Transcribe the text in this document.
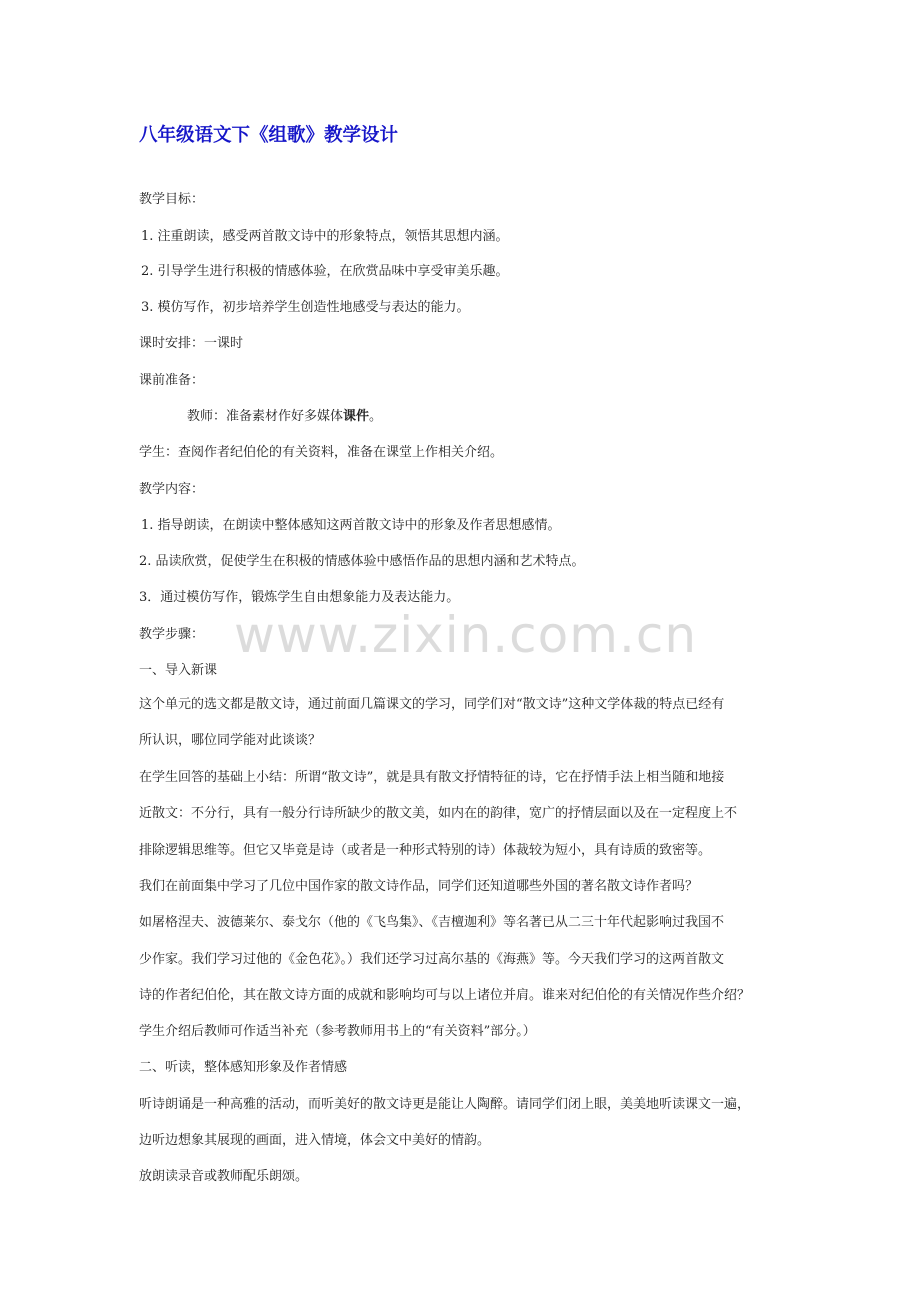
八年级语文下《组歌》教学设计

教学目标：

1. 注重朗读，感受两首散文诗中的形象特点，领悟其思想内涵。

2. 引导学生进行积极的情感体验，在欣赏品味中享受审美乐趣。

3. 模仿写作，初步培养学生创造性地感受与表达的能力。

课时安排：一课时

课前准备：

教师：准备素材作好多媒体课件。

学生：查阅作者纪伯伦的有关资料，准备在课堂上作相关介绍。

教学内容：

1. 指导朗读，在朗读中整体感知这两首散文诗中的形象及作者思想感情。

2. 品读欣赏，促使学生在积极的情感体验中感悟作品的思想内涵和艺术特点。

3．通过模仿写作，锻炼学生自由想象能力及表达能力。

教学步骤： www.zixin.com.cn

一、导入新课

这个单元的选文都是散文诗，通过前面几篇课文的学习，同学们对“散文诗”这种文学体裁的特点已经有

所认识，哪位同学能对此谈谈？

在学生回答的基础上小结：所谓“散文诗”，就是具有散文抒情特征的诗，它在抒情手法上相当随和地接

近散文：不分行，具有一般分行诗所缺少的散文美，如内在的韵律，宽广的抒情层面以及在一定程度上不

排除逻辑思维等。但它又毕竟是诗（或者是一种形式特别的诗）体裁较为短小，具有诗质的致密等。

我们在前面集中学习了几位中国作家的散文诗作品，同学们还知道哪些外国的著名散文诗作者吗？

如屠格涅夫、波德莱尔、泰戈尔（他的《飞鸟集》、《吉檀迦利》等名著已从二三十年代起影响过我国不

少作家。我们学习过他的《金色花》。）我们还学习过高尔基的《海燕》等。今天我们学习的这两首散文

诗的作者纪伯伦，其在散文诗方面的成就和影响均可与以上诸位并肩。谁来对纪伯伦的有关情况作些介绍？

学生介绍后教师可作适当补充（参考教师用书上的“有关资料”部分。）

二、听读，整体感知形象及作者情感

听诗朗诵是一种高雅的活动，而听美好的散文诗更是能让人陶醉。请同学们闭上眼，美美地听读课文一遍，

边听边想象其展现的画面，进入情境，体会文中美好的情韵。

放朗读录音或教师配乐朗颂。
